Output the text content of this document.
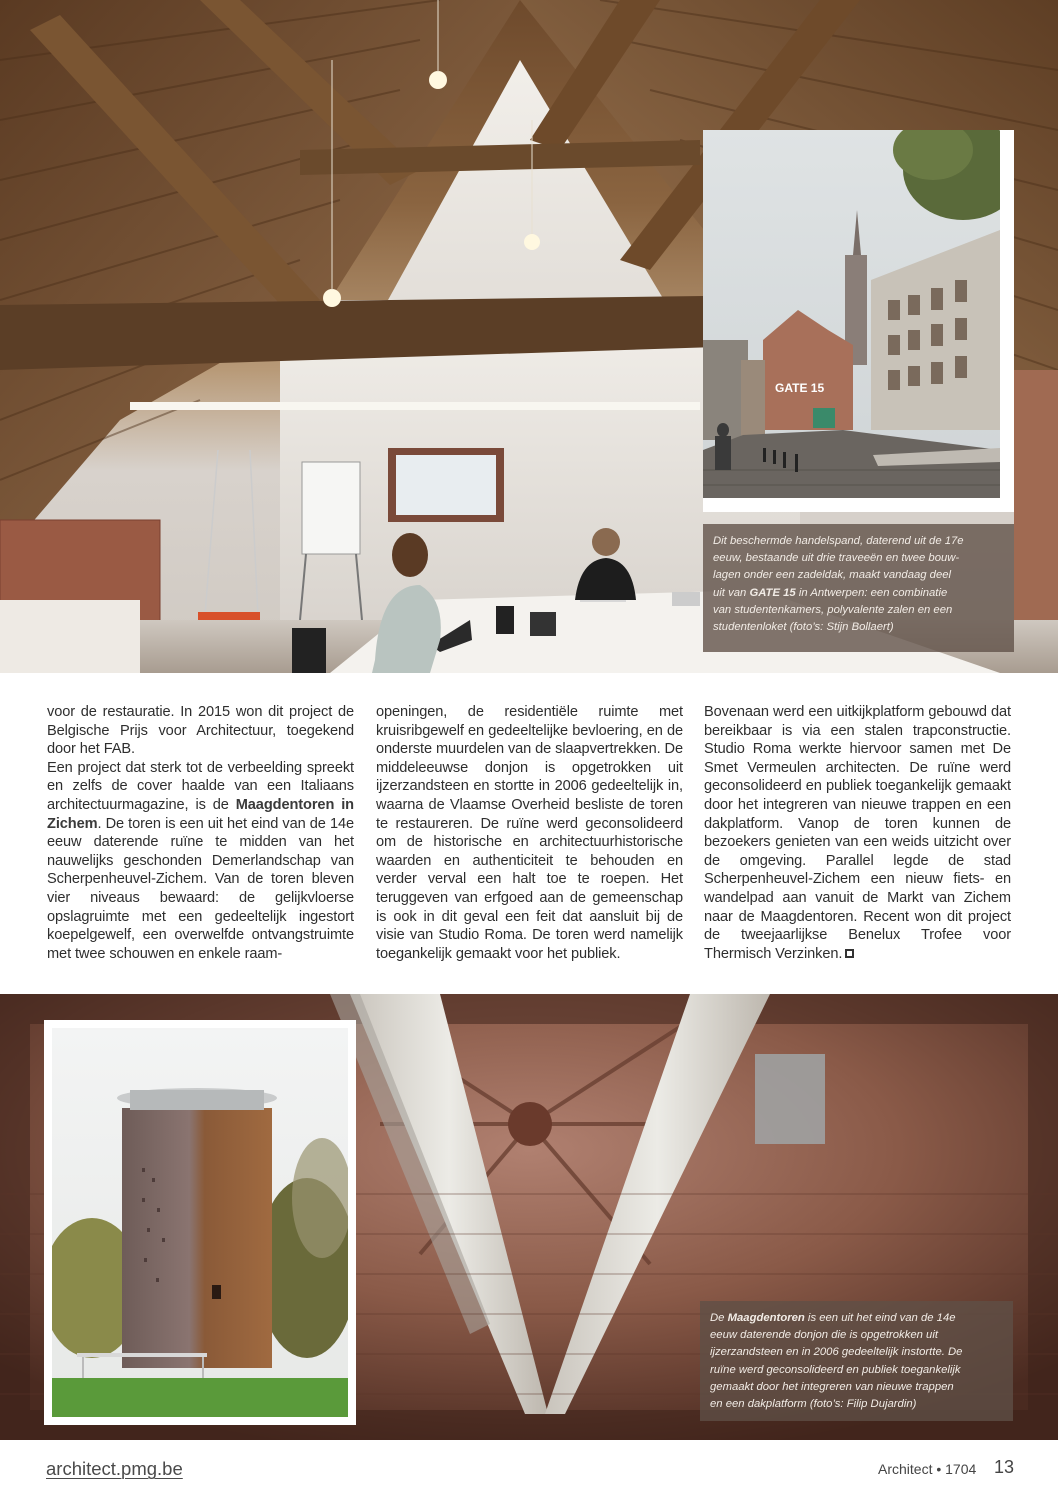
GATE 15
Dit beschermde handelspand, daterend uit de 17e
eeuw, bestaande uit drie traveeën en twee bouw-
lagen onder een zadeldak, maakt vandaag deel
uit van GATE 15 in Antwerpen: een combinatie
van studentenkamers, polyvalente zalen en een
studentenloket (foto’s: Stijn Bollaert)

voor de restauratie. In 2015 won dit project de Belgische Prijs voor Architectuur, toegekend door het FAB.

Een project dat sterk tot de verbeelding spreekt en zelfs de cover haalde van een Italiaans architectuurmagazine, is de Maagdentoren in Zichem. De toren is een uit het eind van de 14e eeuw daterende ruïne te midden van het nauwelijks geschonden Demerlandschap van Scherpenheuvel-Zichem. Van de toren bleven vier niveaus bewaard: de gelijkvloerse opslagruimte met een gedeeltelijk ingestort koepelgewelf, een overwelfde ontvangstruimte met twee schouwen en enkele raam-

openingen, de residentiële ruimte met kruisribgewelf en gedeeltelijke bevloering, en de onderste muurdelen van de slaapvertrekken. De middeleeuwse donjon is opgetrokken uit ijzerzandsteen en stortte in 2006 gedeeltelijk in, waarna de Vlaamse Overheid besliste de toren te restaureren. De ruïne werd geconsolideerd om de historische en architectuurhistorische waarden en authenticiteit te behouden en verder verval een halt toe te roepen. Het teruggeven van erfgoed aan de gemeenschap is ook in dit geval een feit dat aansluit bij de visie van Studio Roma. De toren werd namelijk toegankelijk gemaakt voor het publiek.

Bovenaan werd een uitkijkplatform gebouwd dat bereikbaar is via een stalen trapconstructie. Studio Roma werkte hiervoor samen met De Smet Vermeulen architecten. De ruïne werd geconsolideerd en publiek toegankelijk gemaakt door het integreren van nieuwe trappen en een dakplatform. Vanop de toren kunnen de bezoekers genieten van een weids uitzicht over de omgeving. Parallel legde de stad Scherpenheuvel-Zichem een nieuw fiets- en wandelpad aan vanuit de Markt van Zichem naar de Maagdentoren. Recent won dit project de tweejaarlijkse Benelux Trofee voor Thermisch Verzinken.

De Maagdentoren is een uit het eind van de 14e
eeuw daterende donjon die is opgetrokken uit
ijzerzandsteen en in 2006 gedeeltelijk instortte. De
ruïne werd geconsolideerd en publiek toegankelijk
gemaakt door het integreren van nieuwe trappen
en een dakplatform (foto’s: Filip Dujardin)
architect.pmg.be	Architect • 1704 13
